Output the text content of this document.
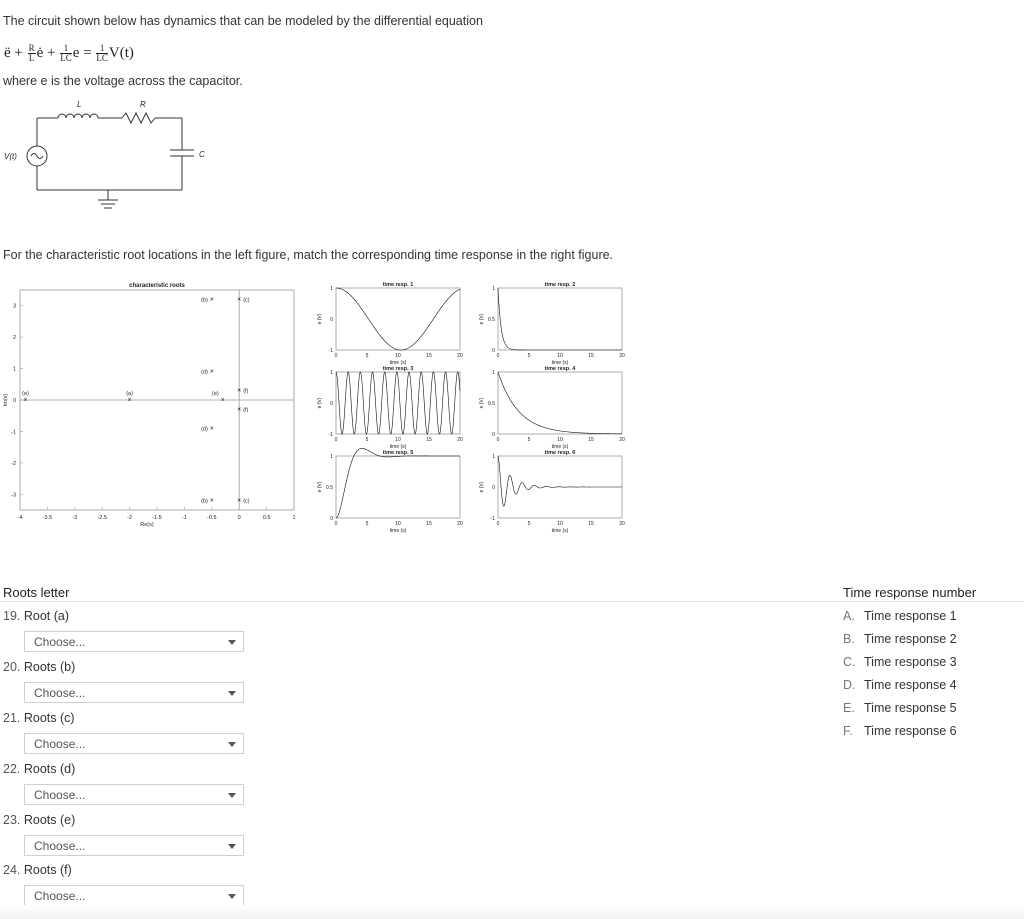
The circuit shown below has dynamics that can be modeled by the differential equation
ë + $\frac{R}{L}$ ė + $\frac{1}{LC}$ $e = \frac{1}{LC} V(t)$
where e is the voltage across the capacitor.
L	R
C
V(t)
For the characteristic root locations in the left figure, match the corresponding time response in the right figure.
characteristic roots
-4	-3.5	-3	-2.5	-2	-1.5	-1	-0.5	0	0.5	1
3
2
1
0
-1
-2
-3
Re(s)
Im(s) ×
(e)
×
(a)
×
(b)
×
(b)
× (c)
× (c)
×
(d)
×
(d)
×
(e)	× (f)
× (f)
time resp. 1
0	5	10	15	20
1
0
-1
time (s)
e (V)
time resp. 2
0	5	10	15	20
1
0.5
0
time (s)
e (V)
time resp. 3
0	5	10	15	20
1
0
-1
time (s)
e (V)
time resp. 4
0	5	10	15	20
1
0.5
0
time (s)
e (V)
time resp. 5
0	5	10	15	20
1
0.5
0
time (s)
e (V)
time resp. 6
0	5	10	15	20
1
0
-1
time (s)
e (V)
Roots letter	Time response number
19. Root (a)
Choose...
20. Roots (b)
Choose...
21. Roots (c)
Choose...
22. Roots (d)
Choose...
23. Roots (e)
Choose...
24. Roots (f)
Choose...
A. Time response 1
B. Time response 2
C. Time response 3
D. Time response 4
E. Time response 5
F. Time response 6
